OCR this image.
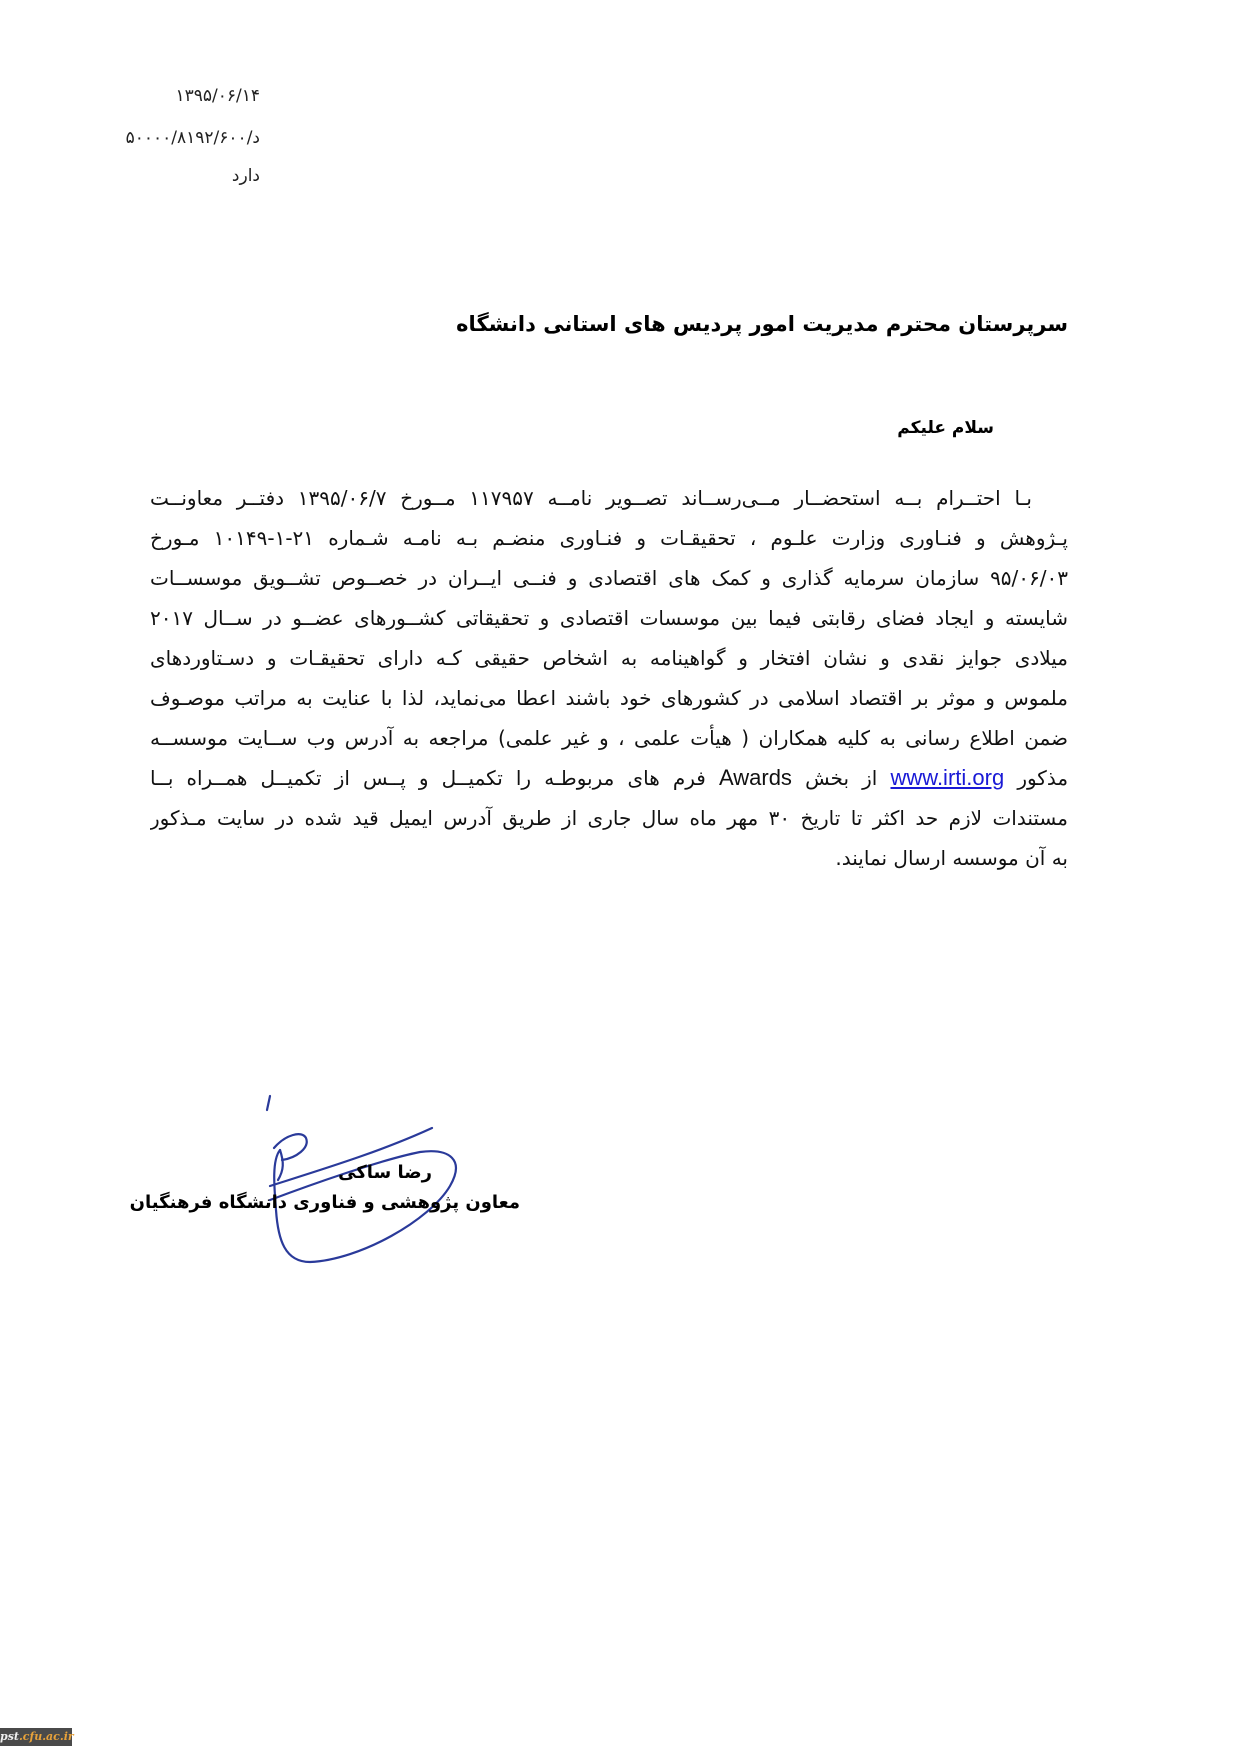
۱۳۹۵/۰۶/۱۴
د/۵۰۰۰۰/۸۱۹۲/۶۰۰
دارد
سرپرستان محترم مدیریت امور پردیس های استانی دانشگاه
سلام علیکم
بـا احتــرام بــه استحضــار مــی‌رســاند تصــویر نامــه ۱۱۷۹۵۷ مــورخ ۱۳۹۵/۰۶/۷ دفتــر معاونــت
پـژوهش و فنـاوری وزارت علـوم ، تحقیقـات و فنـاوری منضـم بـه نامـه شـماره ۲۱-۱-۱۰۱۴۹ مـورخ
۹۵/۰۶/۰۳ سازمان سرمایه گذاری و کمک های اقتصادی و فنــی ایــران در خصــوص تشــویق موسســات
شایسته و ایجاد فضای رقابتی فیما بین موسسات اقتصادی و تحقیقاتی کشــورهای عضــو در ســال ۲۰۱۷
میلادی جوایز نقدی و نشان افتخار و گواهینامه به اشخاص حقیقی کـه دارای تحقیقـات و دسـتاوردهای
ملموس و موثر بر اقتصاد اسلامی در کشورهای خود باشند اعطا می‌نماید، لذا با عنایت به مراتب موصـوف
ضمن اطلاع رسانی به کلیه همکاران ( هیأت علمی ، و غیر علمی) مراجعه به آدرس وب ســایت موسســه
مذکور www.irti.org از بخش Awards فرم های مربوطـه را تکمیــل و پــس از تکمیــل همــراه بــا
مستندات لازم حد اکثر تا تاریخ ۳۰ مهر ماه سال جاری از طریق آدرس ایمیل قید شده در سایت مـذکور
به آن موسسه ارسال نمایند.
رضا ساکی
معاون پژوهشی و فناوری دانشگاه فرهنگیان
pst.cfu.ac.ir
